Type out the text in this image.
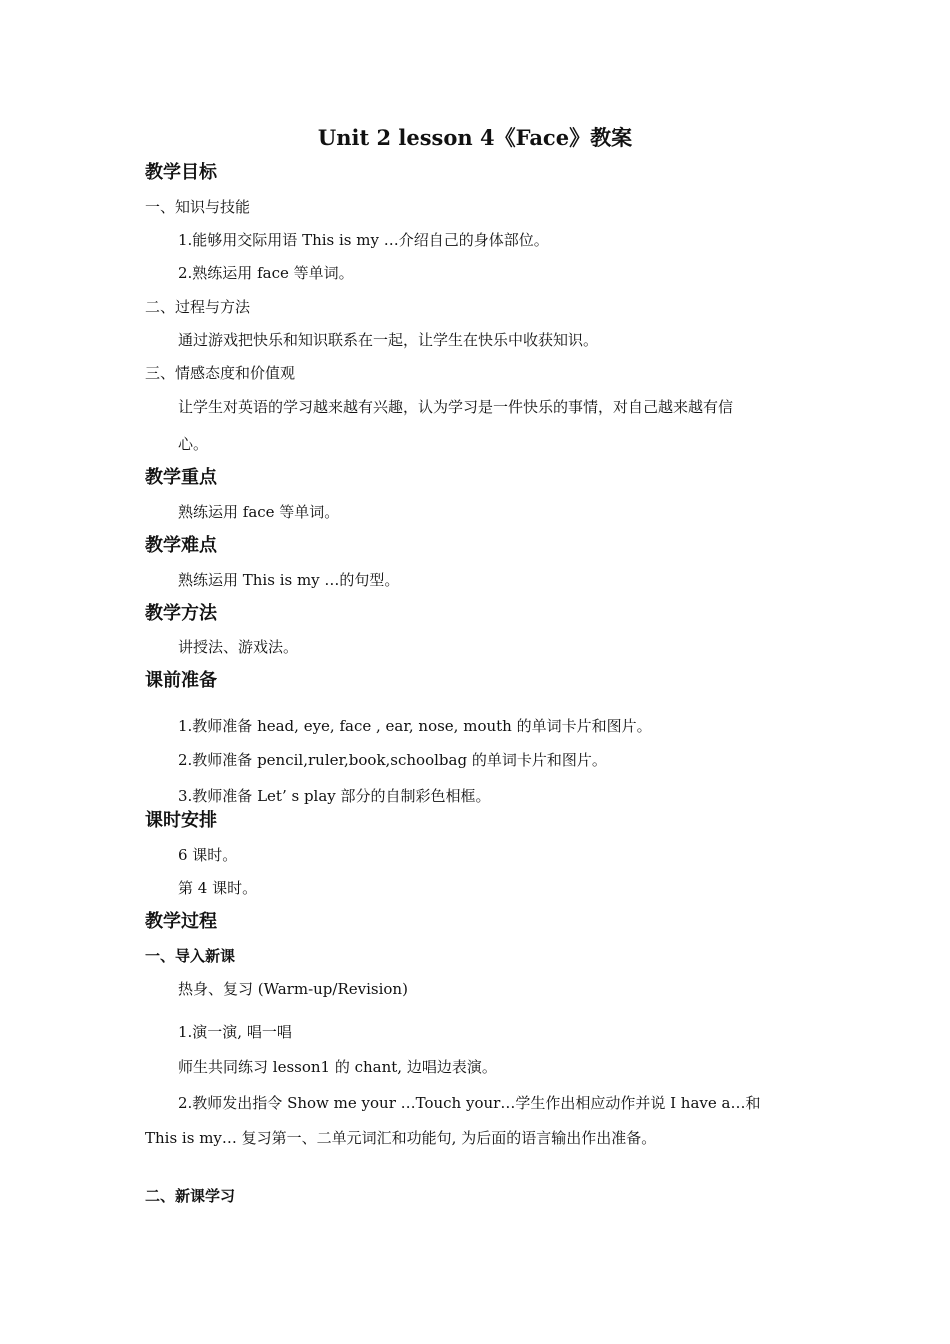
Unit 2 lesson 4《Face》教案
教学目标
一、知识与技能
1.能够用交际用语 This is my …介绍自己的身体部位。
2.熟练运用 face 等单词。
二、过程与方法
通过游戏把快乐和知识联系在一起，让学生在快乐中收获知识。
三、情感态度和价值观
让学生对英语的学习越来越有兴趣，认为学习是一件快乐的事情，对自己越来越有信
心。
教学重点
熟练运用 face 等单词。
教学难点
熟练运用 This is my …的句型。
教学方法
讲授法、游戏法。
课前准备
1.教师准备 head, eye, face , ear, nose, mouth 的单词卡片和图片。
2.教师准备 pencil,ruler,book,schoolbag 的单词卡片和图片。
3.教师准备 Let’ s play 部分的自制彩色相框。
课时安排
6 课时。
第 4 课时。
教学过程
一、导入新课
热身、复习 (Warm-up/Revision)
1.演一演, 唱一唱
师生共同练习 lesson1 的 chant, 边唱边表演。
2.教师发出指令 Show me your …Touch your…学生作出相应动作并说 I have a…和
This is my… 复习第一、二单元词汇和功能句, 为后面的语言输出作出准备。
二、新课学习
